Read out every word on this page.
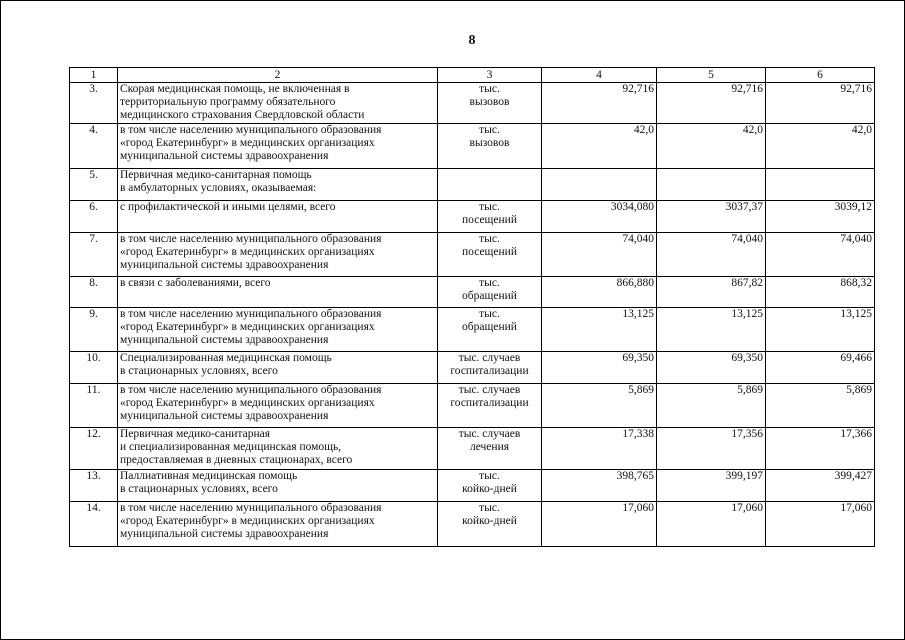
8
1	2	3	4	5	6
3.	Скорая медицинская помощь, не включенная в
территориальную программу обязательного
медицинского страхования Свердловской области	тыс.
вызовов	92,716	92,716	92,716
4.	в том числе населению муниципального образования
«город Екатеринбург» в медицинских организациях
муниципальной системы здравоохранения	тыс.
вызовов	42,0	42,0	42,0
5.	Первичная медико-санитарная помощь
в амбулаторных условиях, оказываемая:				

6.	с профилактической и иными целями, всего	тыс.
посещений	3034,080	3037,37	3039,12
7.	в том числе населению муниципального образования
«город Екатеринбург» в медицинских организациях
муниципальной системы здравоохранения	тыс.
посещений	74,040	74,040	74,040
8.	в связи с заболеваниями, всего	тыс.
обращений	866,880	867,82	868,32
9.	в том числе населению муниципального образования
«город Екатеринбург» в медицинских организациях
муниципальной системы здравоохранения	тыс.
обращений	13,125	13,125	13,125
10.	Специализированная медицинская помощь
в стационарных условиях, всего	тыс. случаев
госпитализации	69,350	69,350	69,466
11.	в том числе населению муниципального образования
«город Екатеринбург» в медицинских организациях
муниципальной системы здравоохранения	тыс. случаев
госпитализации	5,869	5,869	5,869
12.	Первичная медико-санитарная
и специализированная медицинская помощь,
предоставляемая в дневных стационарах, всего	тыс. случаев
лечения	17,338	17,356	17,366
13.	Паллиативная медицинская помощь
в стационарных условиях, всего	тыс.
койко-дней	398,765	399,197	399,427
14.	в том числе населению муниципального образования
«город Екатеринбург» в медицинских организациях
муниципальной системы здравоохранения	тыс.
койко-дней	17,060	17,060	17,060
